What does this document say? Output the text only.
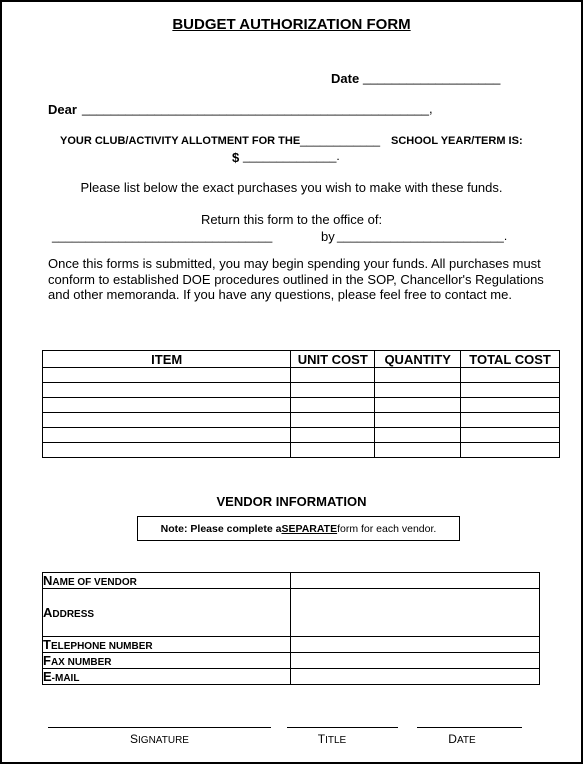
BUDGET AUTHORIZATION FORM
Date ___________________
Dear ________________________________________________,
YOUR CLUB/ACTIVITY ALLOTMENT FOR THE ____________ SCHOOL YEAR/TERM IS:
$ ______________.
Please list below the exact purchases you wish to make with these funds.
Return this form to the office of:
_________________________________	by _________________________.
Once this forms is submitted, you may begin spending your funds. All purchases must conform to established DOE procedures outlined in the SOP, Chancellor's Regulations and other memoranda. If you have any questions, please feel free to contact me.
ITEM	UNIT COST	QUANTITY	TOTAL COST

VENDOR INFORMATION
Note: Please complete a SEPARATE form for each vendor.
NAME OF VENDOR	
ADDRESS	
TELEPHONE NUMBER	
FAX NUMBER	
E-MAIL	
SIGNATURE	TITLE	DATE
